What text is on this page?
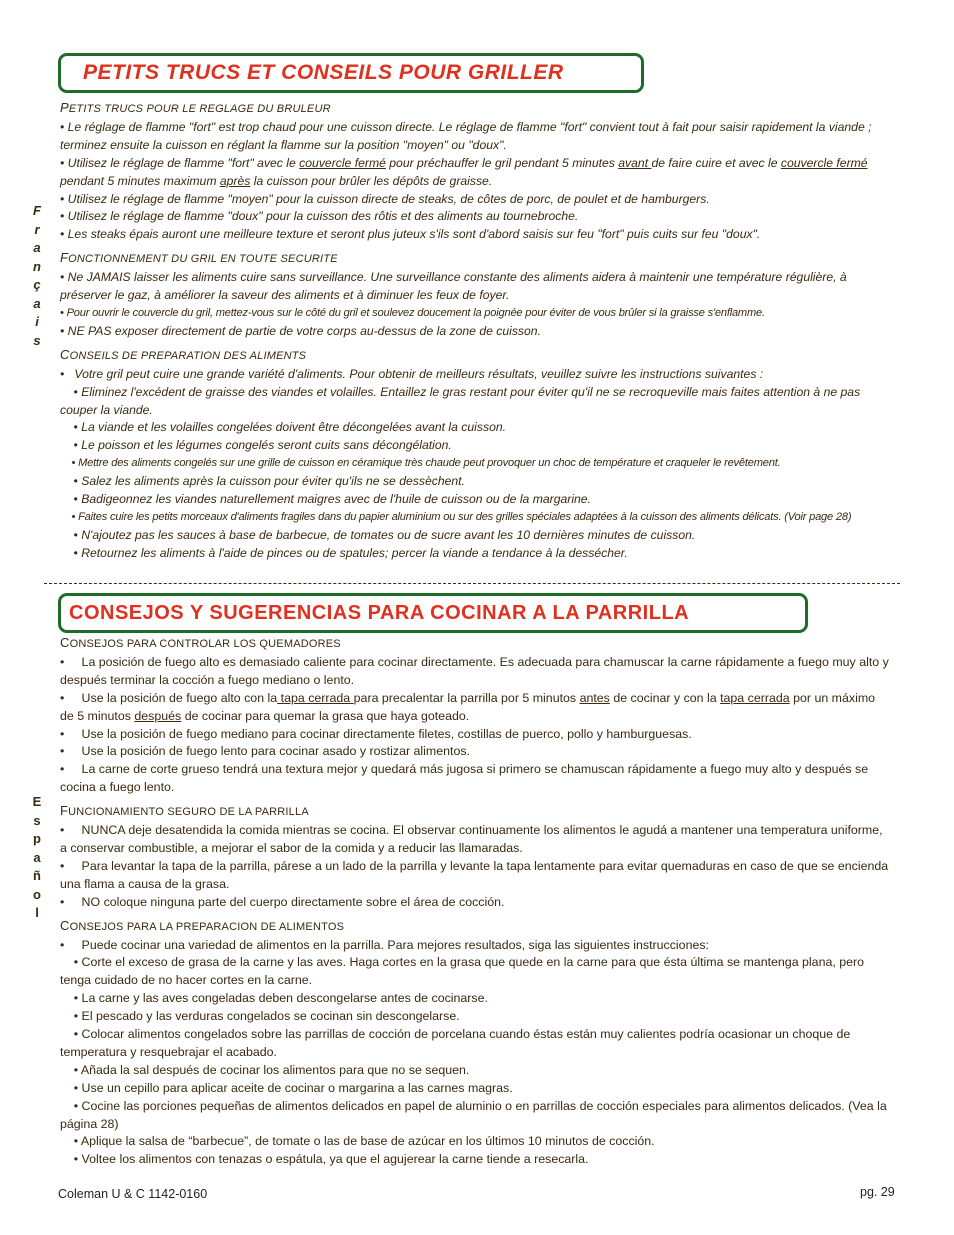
F
r
a
n
ç
a
i
s
PETITS TRUCS ET CONSEILS POUR GRILLER
PETITS TRUCS POUR LE REGLAGE DU BRULEUR

• Le réglage de flamme "fort" est trop chaud pour une cuisson directe. Le réglage de flamme "fort" convient tout à fait pour saisir rapidement la viande ; terminez ensuite la cuisson en réglant la flamme sur la position "moyen" ou "doux".

• Utilisez le réglage de flamme "fort" avec le couvercle fermé pour préchauffer le gril pendant 5 minutes avant de faire cuire et avec le couvercle fermé pendant 5 minutes maximum après la cuisson pour brûler les dépôts de graisse.

• Utilisez le réglage de flamme "moyen" pour la cuisson directe de steaks, de côtes de porc, de poulet et de hamburgers.

• Utilisez le réglage de flamme "doux" pour la cuisson des rôtis et des aliments au tournebroche.

• Les steaks épais auront une meilleure texture et seront plus juteux s'ils sont d'abord saisis sur feu "fort" puis cuits sur feu "doux".

FONCTIONNEMENT DU GRIL EN TOUTE SECURITE

• Ne JAMAIS laisser les aliments cuire sans surveillance. Une surveillance constante des aliments aidera à maintenir une température régulière, à préserver le gaz, à améliorer la saveur des aliments et à diminuer les feux de foyer.

• Pour ouvrir le couvercle du gril, mettez-vous sur le côté du gril et soulevez doucement la poignée pour éviter de vous brûler si la graisse s'enflamme.

• NE PAS exposer directement de partie de votre corps au-dessus de la zone de cuisson.

CONSEILS DE PREPARATION DES ALIMENTS

•   Votre gril peut cuire une grande variété d'aliments. Pour obtenir de meilleurs résultats, veuillez suivre les instructions suivantes :

• Eliminez l'excédent de graisse des viandes et volailles. Entaillez le gras restant pour éviter qu'il ne se recroqueville mais faites attention à ne pas couper la viande.

• La viande et les volailles congelées doivent être décongelées avant la cuisson.

• Le poisson et les légumes congelés seront cuits sans décongélation.

• Mettre des aliments congelés sur une grille de cuisson en céramique très chaude peut provoquer un choc de température et craqueler le revêtement.

• Salez les aliments après la cuisson pour éviter qu'ils ne se dessèchent.

• Badigeonnez les viandes naturellement maigres avec de l'huile de cuisson ou de la margarine.

• Faites cuire les petits morceaux d'aliments fragiles dans du papier aluminium ou sur des grilles spéciales adaptées à la cuisson des aliments délicats. (Voir page 28)

• N'ajoutez pas les sauces à base de barbecue, de tomates ou de sucre avant les 10 dernières minutes de cuisson.

• Retournez les aliments à l'aide de pinces ou de spatules; percer la viande a tendance à la dessécher.

E
s
p
a
ñ
o
l
CONSEJOS Y SUGERENCIAS PARA COCINAR A LA PARRILLA
CONSEJOS PARA CONTROLAR LOS QUEMADORES

•     La posición de fuego alto es demasiado caliente para cocinar directamente. Es adecuada para chamuscar la carne rápidamente a fuego muy alto y después terminar la cocción a fuego mediano o lento.

•     Use la posición de fuego alto con la tapa cerrada para precalentar la parrilla por 5 minutos antes de cocinar y con la tapa cerrada por un máximo de 5 minutos después de cocinar para quemar la grasa que haya goteado.

•     Use la posición de fuego mediano para cocinar directamente filetes, costillas de puerco, pollo y hamburguesas.

•     Use la posición de fuego lento para cocinar asado y rostizar alimentos.

•     La carne de corte grueso tendrá una textura mejor y quedará más jugosa si primero se chamuscan rápidamente a fuego muy alto y después se cocina a fuego lento.

FUNCIONAMIENTO SEGURO DE LA PARRILLA

•     NUNCA deje desatendida la comida mientras se cocina. El observar continuamente los alimentos le agudá a mantener una temperatura uniforme, a conservar combustible, a mejorar el sabor de la comida y a reducir las llamaradas.

•     Para levantar la tapa de la parrilla, párese a un lado de la parrilla y levante la tapa lentamente para evitar quemaduras en caso de que se encienda una flama a causa de la grasa.

•     NO coloque ninguna parte del cuerpo directamente sobre el área de cocción.

CONSEJOS PARA LA PREPARACION DE ALIMENTOS

•     Puede cocinar una variedad de alimentos en la parrilla. Para mejores resultados, siga las siguientes instrucciones:

• Corte el exceso de grasa de la carne y las aves. Haga cortes en la grasa que quede en la carne para que ésta última se mantenga plana, pero tenga cuidado de no hacer cortes en la carne.

• La carne y las aves congeladas deben descongelarse antes de cocinarse.

• El pescado y las verduras congelados se cocinan sin descongelarse.

• Colocar alimentos congelados sobre las parrillas de cocción de porcelana cuando éstas están muy calientes podría ocasionar un choque de temperatura y resquebrajar el acabado.

• Añada la sal después de cocinar los alimentos para que no se sequen.

• Use un cepillo para aplicar aceite de cocinar o margarina a las carnes magras.

• Cocine las porciones pequeñas de alimentos delicados en papel de aluminio o en parrillas de cocción especiales para alimentos delicados. (Vea la página 28)

• Aplique la salsa de “barbecue”, de tomate o las de base de azúcar en los últimos 10 minutos de cocción.

• Voltee los alimentos con tenazas o espátula, ya que el agujerear la carne tiende a resecarla.

Coleman U & C 1142-0160	pg. 29
